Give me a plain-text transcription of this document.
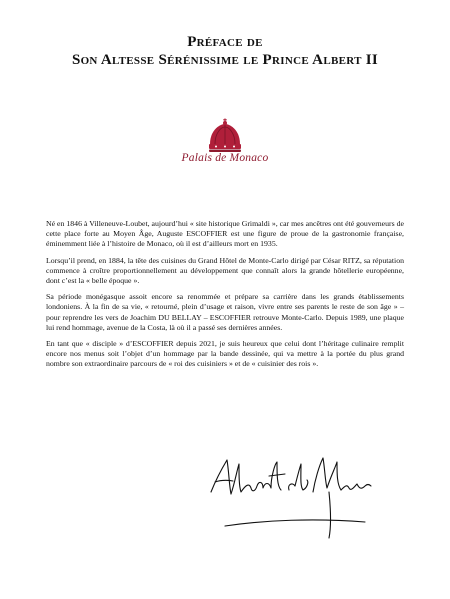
Préface de
Son Altesse Sérénissime le Prince Albert II
Palais de Monaco

Né en 1846 à Villeneuve-Loubet, aujourd’hui « site historique Grimaldi », car mes ancêtres ont été gouverneurs de cette place forte au Moyen Âge, Auguste ESCOFFIER est une figure de proue de la gastronomie française, éminemment liée à l’histoire de Monaco, où il est d’ailleurs mort en 1935.

Lorsqu’il prend, en 1884, la tête des cuisines du Grand Hôtel de Monte-Carlo dirigé par César RITZ, sa réputation commence à croître proportionnellement au développement que connaît alors la grande hôtellerie européenne, dont c’est la « belle époque ».

Sa période monégasque assoit encore sa renommée et prépare sa carrière dans les grands établissements londoniens. À la fin de sa vie, « retourné, plein d’usage et raison, vivre entre ses parents le reste de son âge » – pour reprendre les vers de Joachim DU BELLAY – ESCOFFIER retrouve Monte-Carlo. Depuis 1989, une plaque lui rend hommage, avenue de la Costa, là où il a passé ses dernières années.

En tant que « disciple » d’ESCOFFIER depuis 2021, je suis heureux que celui dont l’héritage culinaire remplit encore nos menus soit l’objet d’un hommage par la bande dessinée, qui va mettre à la portée du plus grand nombre son extraordinaire parcours de « roi des cuisiniers » et de « cuisinier des rois ».
